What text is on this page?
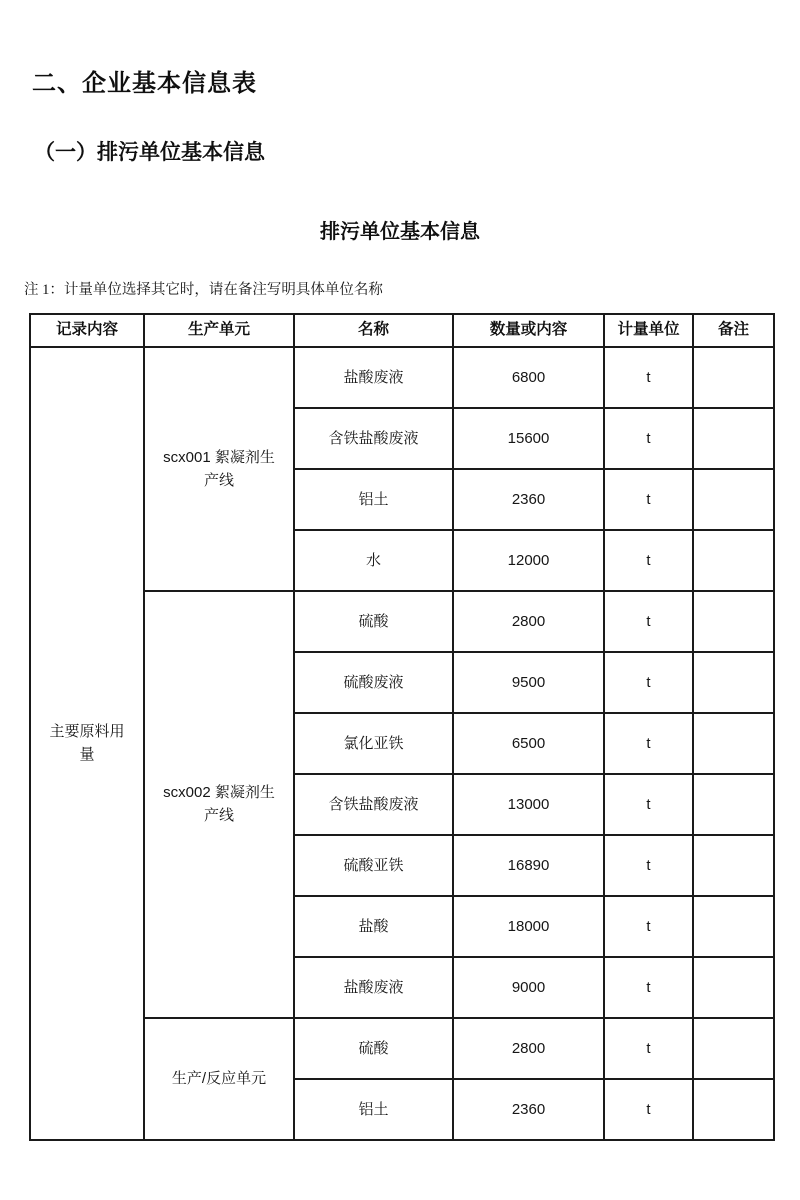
二、企业基本信息表
（一）排污单位基本信息
排污单位基本信息
注 1：计量单位选择其它时，请在备注写明具体单位名称
记录内容	生产单元	名称	数量或内容	计量单位	备注
主要原料用量	scx001 絮凝剂生产线	盐酸废液	6800	t	
		含铁盐酸废液	15600	t	
		铝土	2360	t	
		水	12000	t	
	scx002 絮凝剂生产线	硫酸	2800	t	
		硫酸废液	9500	t	
		氯化亚铁	6500	t	
		含铁盐酸废液	13000	t	
		硫酸亚铁	16890	t	
		盐酸	18000	t	
		盐酸废液	9000	t	
	生产/反应单元	硫酸	2800	t	
		铝土	2360	t	
